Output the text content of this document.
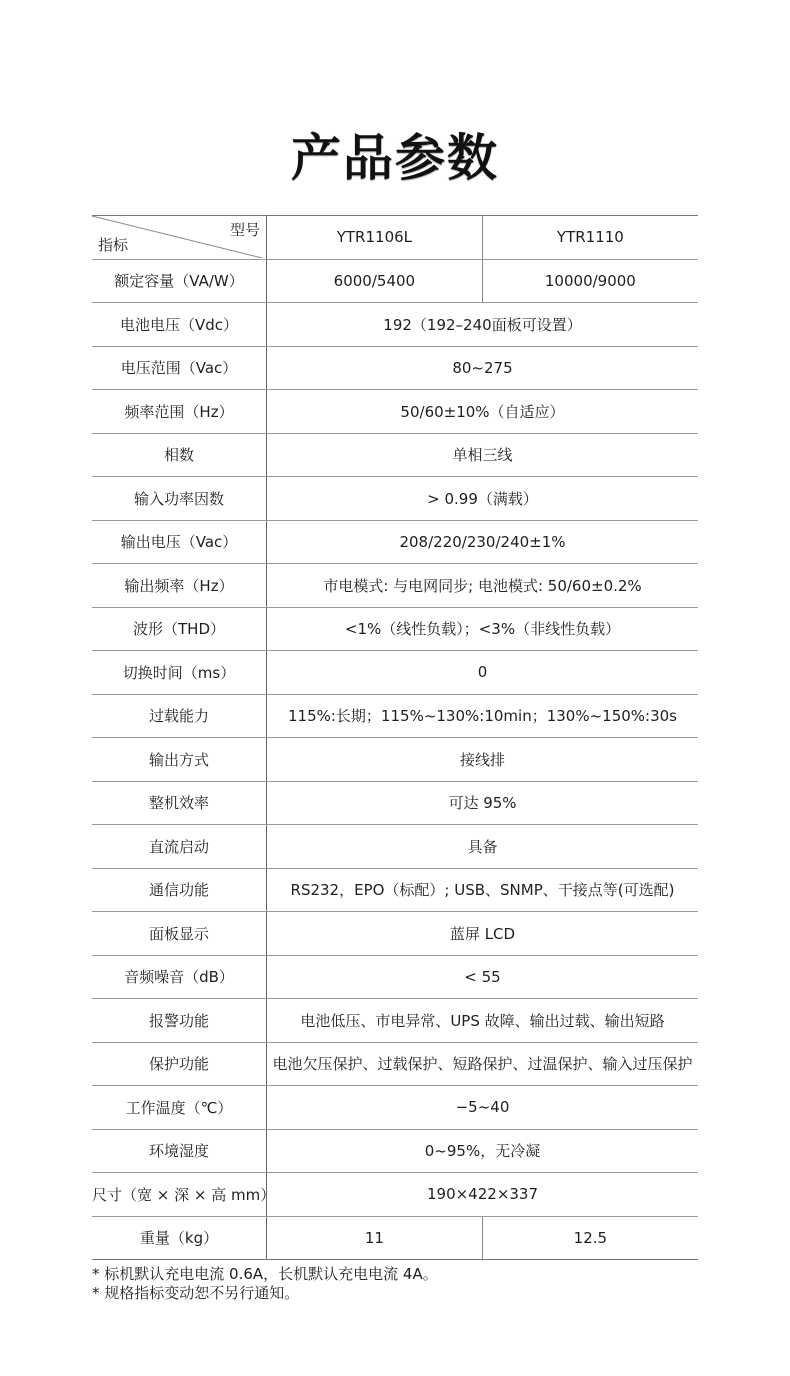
产品参数
型号
指标	YTR1106L	YTR1110
额定容量（VA/W）	6000/5400	10000/9000
电池电压（Vdc）	192（192–240面板可设置）	
电压范围（Vac）	80~275	
频率范围（Hz）	50/60±10%（自适应）	
相数	单相三线	
输入功率因数	> 0.99（满载）	
输出电压（Vac）	208/220/230/240±1%	
输出频率（Hz）	市电模式: 与电网同步; 电池模式: 50/60±0.2%	
波形（THD）	<1%（线性负载）；<3%（非线性负载）	
切换时间（ms）	0	
过载能力	115%:长期；115%~130%:10min；130%~150%:30s	
输出方式	接线排	
整机效率	可达 95%	
直流启动	具备	
通信功能	RS232，EPO（标配）; USB、SNMP、干接点等(可选配)	
面板显示	蓝屏 LCD	
音频噪音（dB）	< 55	
报警功能	电池低压、市电异常、UPS 故障、输出过载、输出短路	
保护功能	电池欠压保护、过载保护、短路保护、过温保护、输入过压保护	
工作温度（℃）	−5~40	
环境湿度	0~95%，无冷凝	
尺寸（宽 × 深 × 高 mm）	190×422×337	
重量（kg）	11	12.5
* 标机默认充电电流 0.6A，长机默认充电电流 4A。
* 规格指标变动恕不另行通知。
